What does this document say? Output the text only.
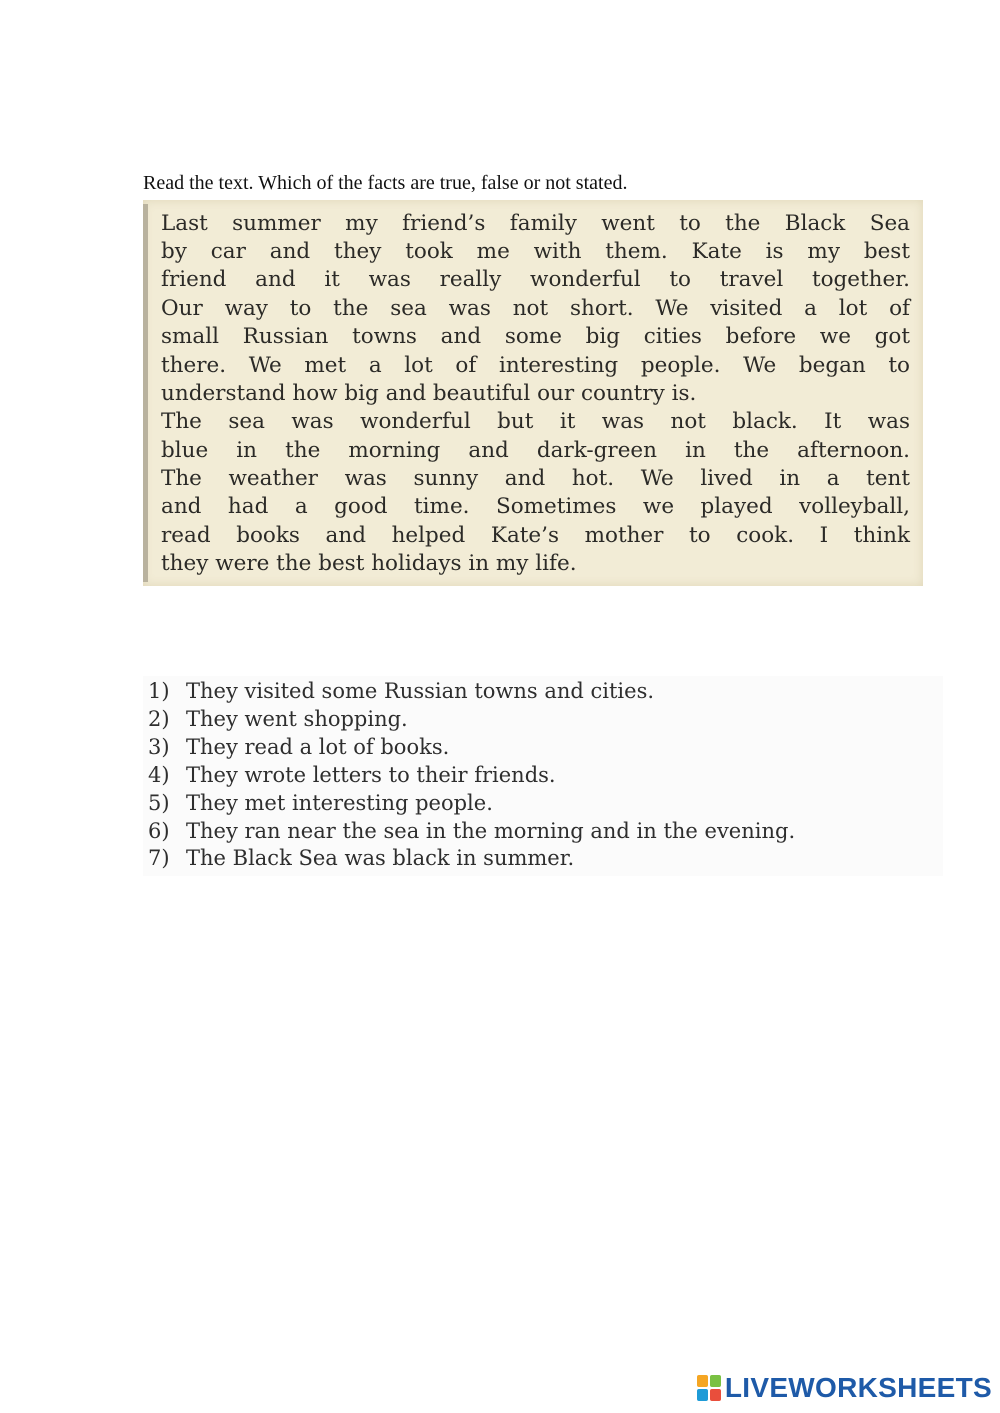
Read the text. Which of the facts are true, false or not stated.
Last summer my friend’s family went to the Black Sea
by car and they took me with them. Kate is my best
friend and it was really wonderful to travel together.
Our way to the sea was not short. We visited a lot of
small Russian towns and some big cities before we got
there. We met a lot of interesting people. We began to
understand how big and beautiful our country is.
The sea was wonderful but it was not black. It was
blue in the morning and dark-green in the afternoon.
The weather was sunny and hot. We lived in a tent
and had a good time. Sometimes we played volleyball,
read books and helped Kate’s mother to cook. I think
they were the best holidays in my life.
1) They visited some Russian towns and cities.
2) They went shopping.
3) They read a lot of books.
4) They wrote letters to their friends.
5) They met interesting people.
6) They ran near the sea in the morning and in the evening.
7) The Black Sea was black in summer.
LIVEWORKSHEETS
